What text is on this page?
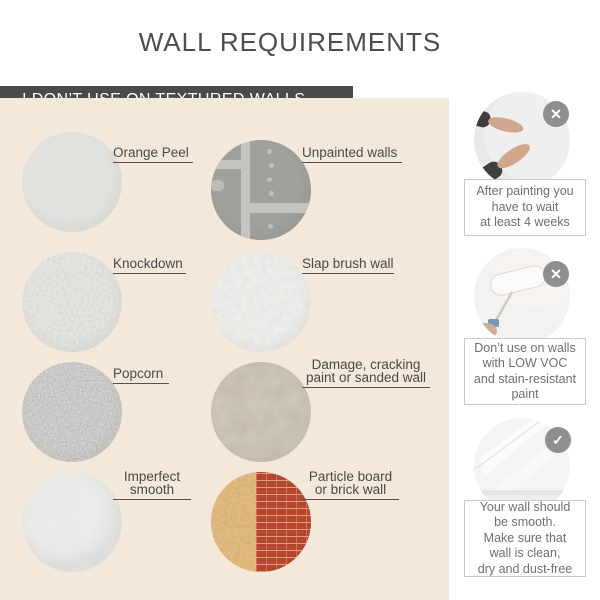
WALL REQUIREMENTS
Orange Peel	Unpainted walls
Knockdown	Slap brush wall
Popcorn
Damage, cracking
paint or sanded wall
Imperfect
smooth
Particle board
or brick wall
✕
After painting you
have to wait
at least 4 weeks
✕
Don’t use on walls
with LOW VOC
and stain-resistant
paint
✓
Your wall should
be smooth.
Make sure that
wall is clean,
dry and dust-free
